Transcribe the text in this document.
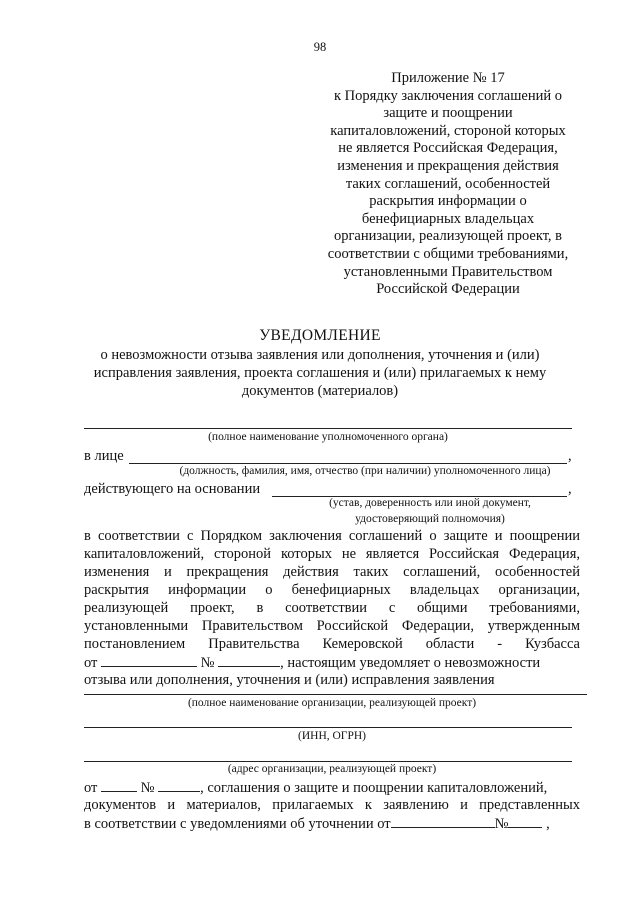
98
Приложение № 17
к Порядку заключения соглашений о
защите и поощрении
капиталовложений, стороной которых
не является Российская Федерация,
изменения и прекращения действия
таких соглашений, особенностей
раскрытия информации о
бенефициарных владельцах
организации, реализующей проект, в
соответствии с общими требованиями,
установленными Правительством
Российской Федерации
УВЕДОМЛЕНИЕ
о невозможности отзыва заявления или дополнения, уточнения и (или)
исправления заявления, проекта соглашения и (или) прилагаемых к нему
документов (материалов)
(полное наименование уполномоченного органа)
в лице	,
(должность, фамилия, имя, отчество (при наличии) уполномоченного лица)
действующего на основании	,
(устав, доверенность или иной документ,
удостоверяющий полномочия)
в соответствии с Порядком заключения соглашений о защите и поощрении
капиталовложений, стороной которых не является Российская Федерация,
изменения и прекращения действия таких соглашений, особенностей
раскрытия информации о бенефициарных владельцах организации,
реализующей проект, в соответствии с общими требованиями,
установленными Правительством Российской Федерации, утвержденным
постановлением Правительства Кемеровской области - Кузбасса
от	№	, настоящим уведомляет о невозможности
отзыва или дополнения, уточнения и (или) исправления заявления
(полное наименование организации, реализующей проект)
(ИНН, ОГРН)
(адрес организации, реализующей проект)
от	№	, соглашения о защите и поощрении капиталовложений,
документов и материалов, прилагаемых к заявлению и представленных
в соответствии с уведомлениями об уточнении от	№	,
